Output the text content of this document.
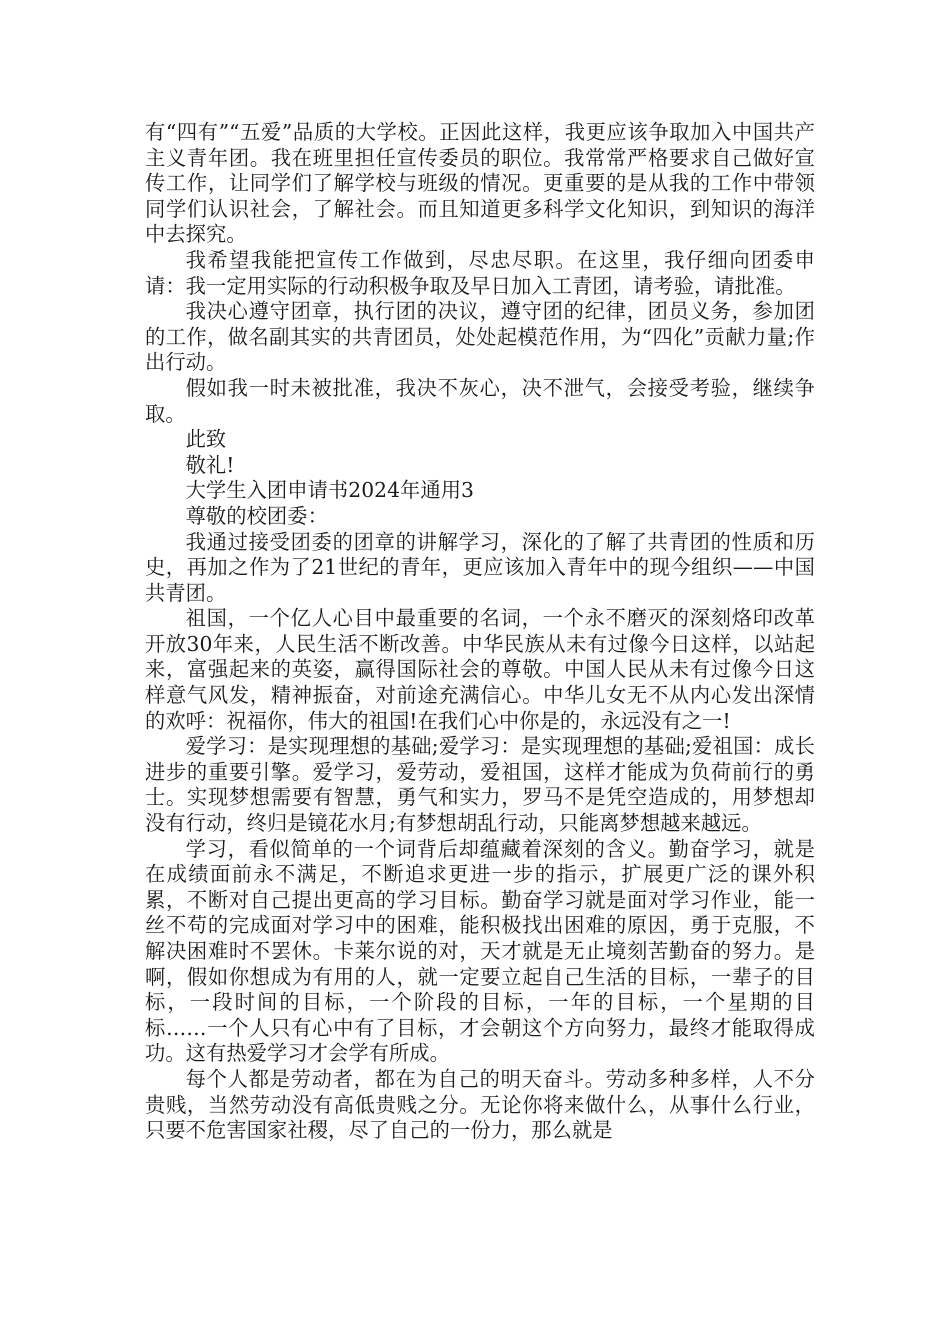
有“四有”“五爱”品质的大学校。正因此这样，我更应该争取加入中国共产主义青年团。我在班里担任宣传委员的职位。我常常严格要求自己做好宣传工作，让同学们了解学校与班级的情况。更重要的是从我的工作中带领同学们认识社会，了解社会。而且知道更多科学文化知识，到知识的海洋中去探究。

我希望我能把宣传工作做到，尽忠尽职。在这里，我仔细向团委申请：我一定用实际的行动积极争取及早日加入工青团，请考验，请批准。

我决心遵守团章，执行团的决议，遵守团的纪律，团员义务，参加团的工作，做名副其实的共青团员，处处起模范作用，为“四化”贡献力量;作出行动。

假如我一时未被批准，我决不灰心，决不泄气，会接受考验，继续争取。

此致

敬礼!

大学生入团申请书2024年通用3

尊敬的校团委：

我通过接受团委的团章的讲解学习，深化的了解了共青团的性质和历史，再加之作为了21世纪的青年，更应该加入青年中的现今组织——中国共青团。

祖国，一个亿人心目中最重要的名词，一个永不磨灭的深刻烙印改革开放30年来，人民生活不断改善。中华民族从未有过像今日这样，以站起来，富强起来的英姿，赢得国际社会的尊敬。中国人民从未有过像今日这样意气风发，精神振奋，对前途充满信心。中华儿女无不从内心发出深情的欢呼：祝福你，伟大的祖国!在我们心中你是的，永远没有之一!

爱学习：是实现理想的基础;爱学习：是实现理想的基础;爱祖国：成长进步的重要引擎。爱学习，爱劳动，爱祖国，这样才能成为负荷前行的勇士。实现梦想需要有智慧，勇气和实力，罗马不是凭空造成的，用梦想却没有行动，终归是镜花水月;有梦想胡乱行动，只能离梦想越来越远。

学习，看似简单的一个词背后却蕴藏着深刻的含义。勤奋学习，就是在成绩面前永不满足，不断追求更进一步的指示，扩展更广泛的课外积累，不断对自己提出更高的学习目标。勤奋学习就是面对学习作业，能一丝不苟的完成面对学习中的困难，能积极找出困难的原因，勇于克服，不解决困难时不罢休。卡莱尔说的对，天才就是无止境刻苦勤奋的努力。是啊，假如你想成为有用的人，就一定要立起自己生活的目标，一辈子的目标，一段时间的目标，一个阶段的目标，一年的目标，一个星期的目标……一个人只有心中有了目标，才会朝这个方向努力，最终才能取得成功。这有热爱学习才会学有所成。

每个人都是劳动者，都在为自己的明天奋斗。劳动多种多样，人不分贵贱，当然劳动没有高低贵贱之分。无论你将来做什么，从事什么行业，只要不危害国家社稷，尽了自己的一份力，那么就是
